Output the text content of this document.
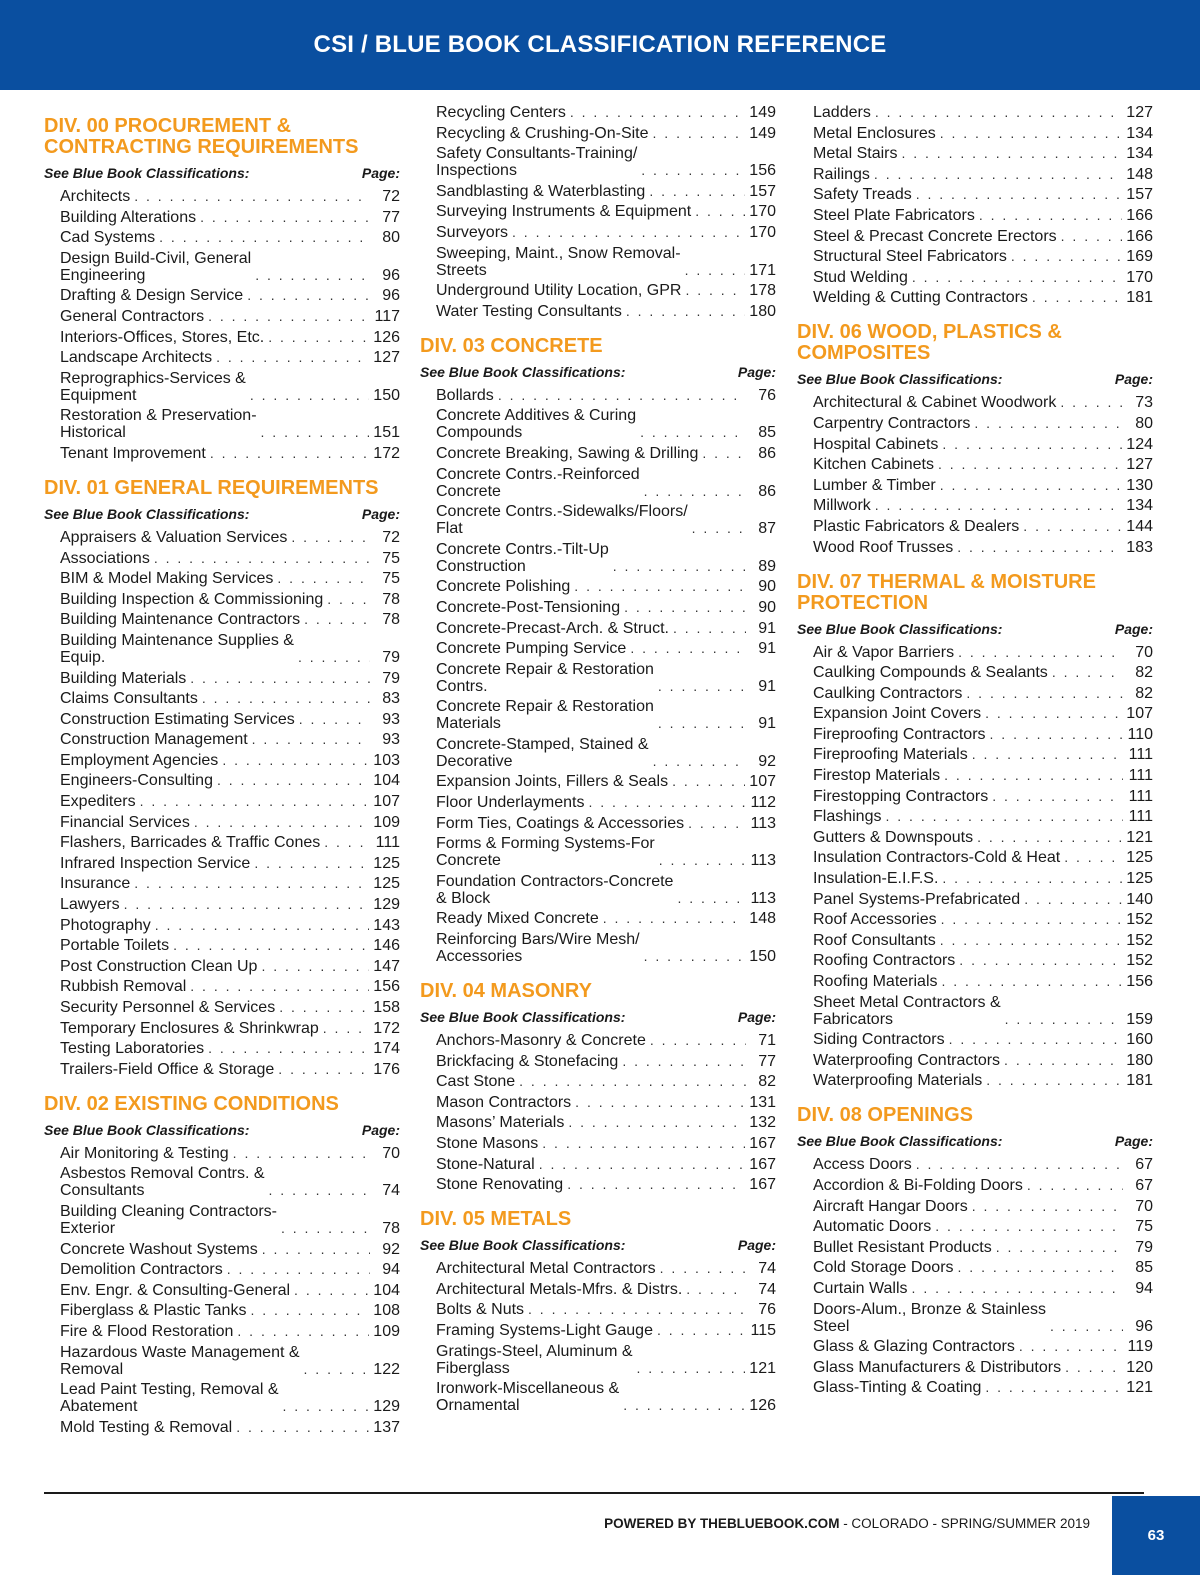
CSI / BLUE BOOK CLASSIFICATION REFERENCE
DIV. 00 PROCUREMENT & CONTRACTING REQUIREMENTS
See Blue Book Classifications:	Page:
Architects . . .	72
Building Alterations . . .	77
Cad Systems . . .	80
Design Build-Civil, General
Engineering . . .	96
Drafting & Design Service . . .	96
General Contractors . . .	117
Interiors-Offices, Stores, Etc. . . .	126
Landscape Architects . . .	127
Reprographics-Services &
Equipment . . .	150
Restoration & Preservation-
Historical . . .	151
Tenant Improvement . . .	172
DIV. 01 GENERAL REQUIREMENTS
See Blue Book Classifications:	Page:
Appraisers & Valuation Services . . .	72
Associations . . .	75
BIM & Model Making Services . . .	75
Building Inspection & Commissioning . . .	78
Building Maintenance Contractors . . .	78
Building Maintenance Supplies &
Equip. . . .	79
Building Materials . . .	79
Claims Consultants . . .	83
Construction Estimating Services . . .	93
Construction Management . . .	93
Employment Agencies . . .	103
Engineers-Consulting . . .	104
Expediters . . .	107
Financial Services . . .	109
Flashers, Barricades & Traffic Cones . . .	111
Infrared Inspection Service . . .	125
Insurance . . .	125
Lawyers . . .	129
Photography . . .	143
Portable Toilets . . .	146
Post Construction Clean Up . . .	147
Rubbish Removal . . .	156
Security Personnel & Services . . .	158
Temporary Enclosures & Shrinkwrap . . .	172
Testing Laboratories . . .	174
Trailers-Field Office & Storage . . .	176
DIV. 02 EXISTING CONDITIONS
See Blue Book Classifications:	Page:
Air Monitoring & Testing . . .	70
Asbestos Removal Contrs. &
Consultants . . .	74
Building Cleaning Contractors-
Exterior . . .	78
Concrete Washout Systems . . .	92
Demolition Contractors . . .	94
Env. Engr. & Consulting-General . . .	104
Fiberglass & Plastic Tanks . . .	108
Fire & Flood Restoration . . .	109
Hazardous Waste Management &
Removal . . .	122
Lead Paint Testing, Removal &
Abatement . . .	129
Mold Testing & Removal . . .	137
Recycling Centers . . .	149
Recycling & Crushing-On-Site . . .	149
Safety Consultants-Training/
Inspections . . .	156
Sandblasting & Waterblasting . . .	157
Surveying Instruments & Equipment . . .	170
Surveyors . . .	170
Sweeping, Maint., Snow Removal-
Streets . . .	171
Underground Utility Location, GPR . . .	178
Water Testing Consultants . . .	180
DIV. 03 CONCRETE
See Blue Book Classifications:	Page:
Bollards . . .	76
Concrete Additives & Curing
Compounds . . .	85
Concrete Breaking, Sawing & Drilling . . .	86
Concrete Contrs.-Reinforced
Concrete . . .	86
Concrete Contrs.-Sidewalks/Floors/
Flat . . .	87
Concrete Contrs.-Tilt-Up
Construction . . .	89
Concrete Polishing . . .	90
Concrete-Post-Tensioning . . .	90
Concrete-Precast-Arch. & Struct. . . .	91
Concrete Pumping Service . . .	91
Concrete Repair & Restoration
Contrs. . . .	91
Concrete Repair & Restoration
Materials . . .	91
Concrete-Stamped, Stained &
Decorative . . .	92
Expansion Joints, Fillers & Seals . . .	107
Floor Underlayments . . .	112
Form Ties, Coatings & Accessories . . .	113
Forms & Forming Systems-For
Concrete . . .	113
Foundation Contractors-Concrete
& Block . . .	113
Ready Mixed Concrete . . .	148
Reinforcing Bars/Wire Mesh/
Accessories . . .	150
DIV. 04 MASONRY
See Blue Book Classifications:	Page:
Anchors-Masonry & Concrete . . .	71
Brickfacing & Stonefacing . . .	77
Cast Stone . . .	82
Mason Contractors . . .	131
Masons’ Materials . . .	132
Stone Masons . . .	167
Stone-Natural . . .	167
Stone Renovating . . .	167
DIV. 05 METALS
See Blue Book Classifications:	Page:
Architectural Metal Contractors . . .	74
Architectural Metals-Mfrs. & Distrs. . . .	74
Bolts & Nuts . . .	76
Framing Systems-Light Gauge . . .	115
Gratings-Steel, Aluminum &
Fiberglass . . .	121
Ironwork-Miscellaneous &
Ornamental . . .	126
Ladders . . .	127
Metal Enclosures . . .	134
Metal Stairs . . .	134
Railings . . .	148
Safety Treads . . .	157
Steel Plate Fabricators . . .	166
Steel & Precast Concrete Erectors . . .	166
Structural Steel Fabricators . . .	169
Stud Welding . . .	170
Welding & Cutting Contractors . . .	181
DIV. 06 WOOD, PLASTICS & COMPOSITES
See Blue Book Classifications:	Page:
Architectural & Cabinet Woodwork . . .	73
Carpentry Contractors . . .	80
Hospital Cabinets . . .	124
Kitchen Cabinets . . .	127
Lumber & Timber . . .	130
Millwork . . .	134
Plastic Fabricators & Dealers . . .	144
Wood Roof Trusses . . .	183
DIV. 07 THERMAL & MOISTURE PROTECTION
See Blue Book Classifications:	Page:
Air & Vapor Barriers . . .	70
Caulking Compounds & Sealants . . .	82
Caulking Contractors . . .	82
Expansion Joint Covers . . .	107
Fireproofing Contractors . . .	110
Fireproofing Materials . . .	111
Firestop Materials . . .	111
Firestopping Contractors . . .	111
Flashings . . .	111
Gutters & Downspouts . . .	121
Insulation Contractors-Cold & Heat . . .	125
Insulation-E.I.F.S. . . .	125
Panel Systems-Prefabricated . . .	140
Roof Accessories . . .	152
Roof Consultants . . .	152
Roofing Contractors . . .	152
Roofing Materials . . .	156
Sheet Metal Contractors &
Fabricators . . .	159
Siding Contractors . . .	160
Waterproofing Contractors . . .	180
Waterproofing Materials . . .	181
DIV. 08 OPENINGS
See Blue Book Classifications:	Page:
Access Doors . . .	67
Accordion & Bi-Folding Doors . . .	67
Aircraft Hangar Doors . . .	70
Automatic Doors . . .	75
Bullet Resistant Products . . .	79
Cold Storage Doors . . .	85
Curtain Walls . . .	94
Doors-Alum., Bronze & Stainless
Steel . . .	96
Glass & Glazing Contractors . . .	119
Glass Manufacturers & Distributors . . .	120
Glass-Tinting & Coating . . .	121
POWERED BY THEBLUEBOOK.COM - COLORADO - SPRING/SUMMER 2019
63
